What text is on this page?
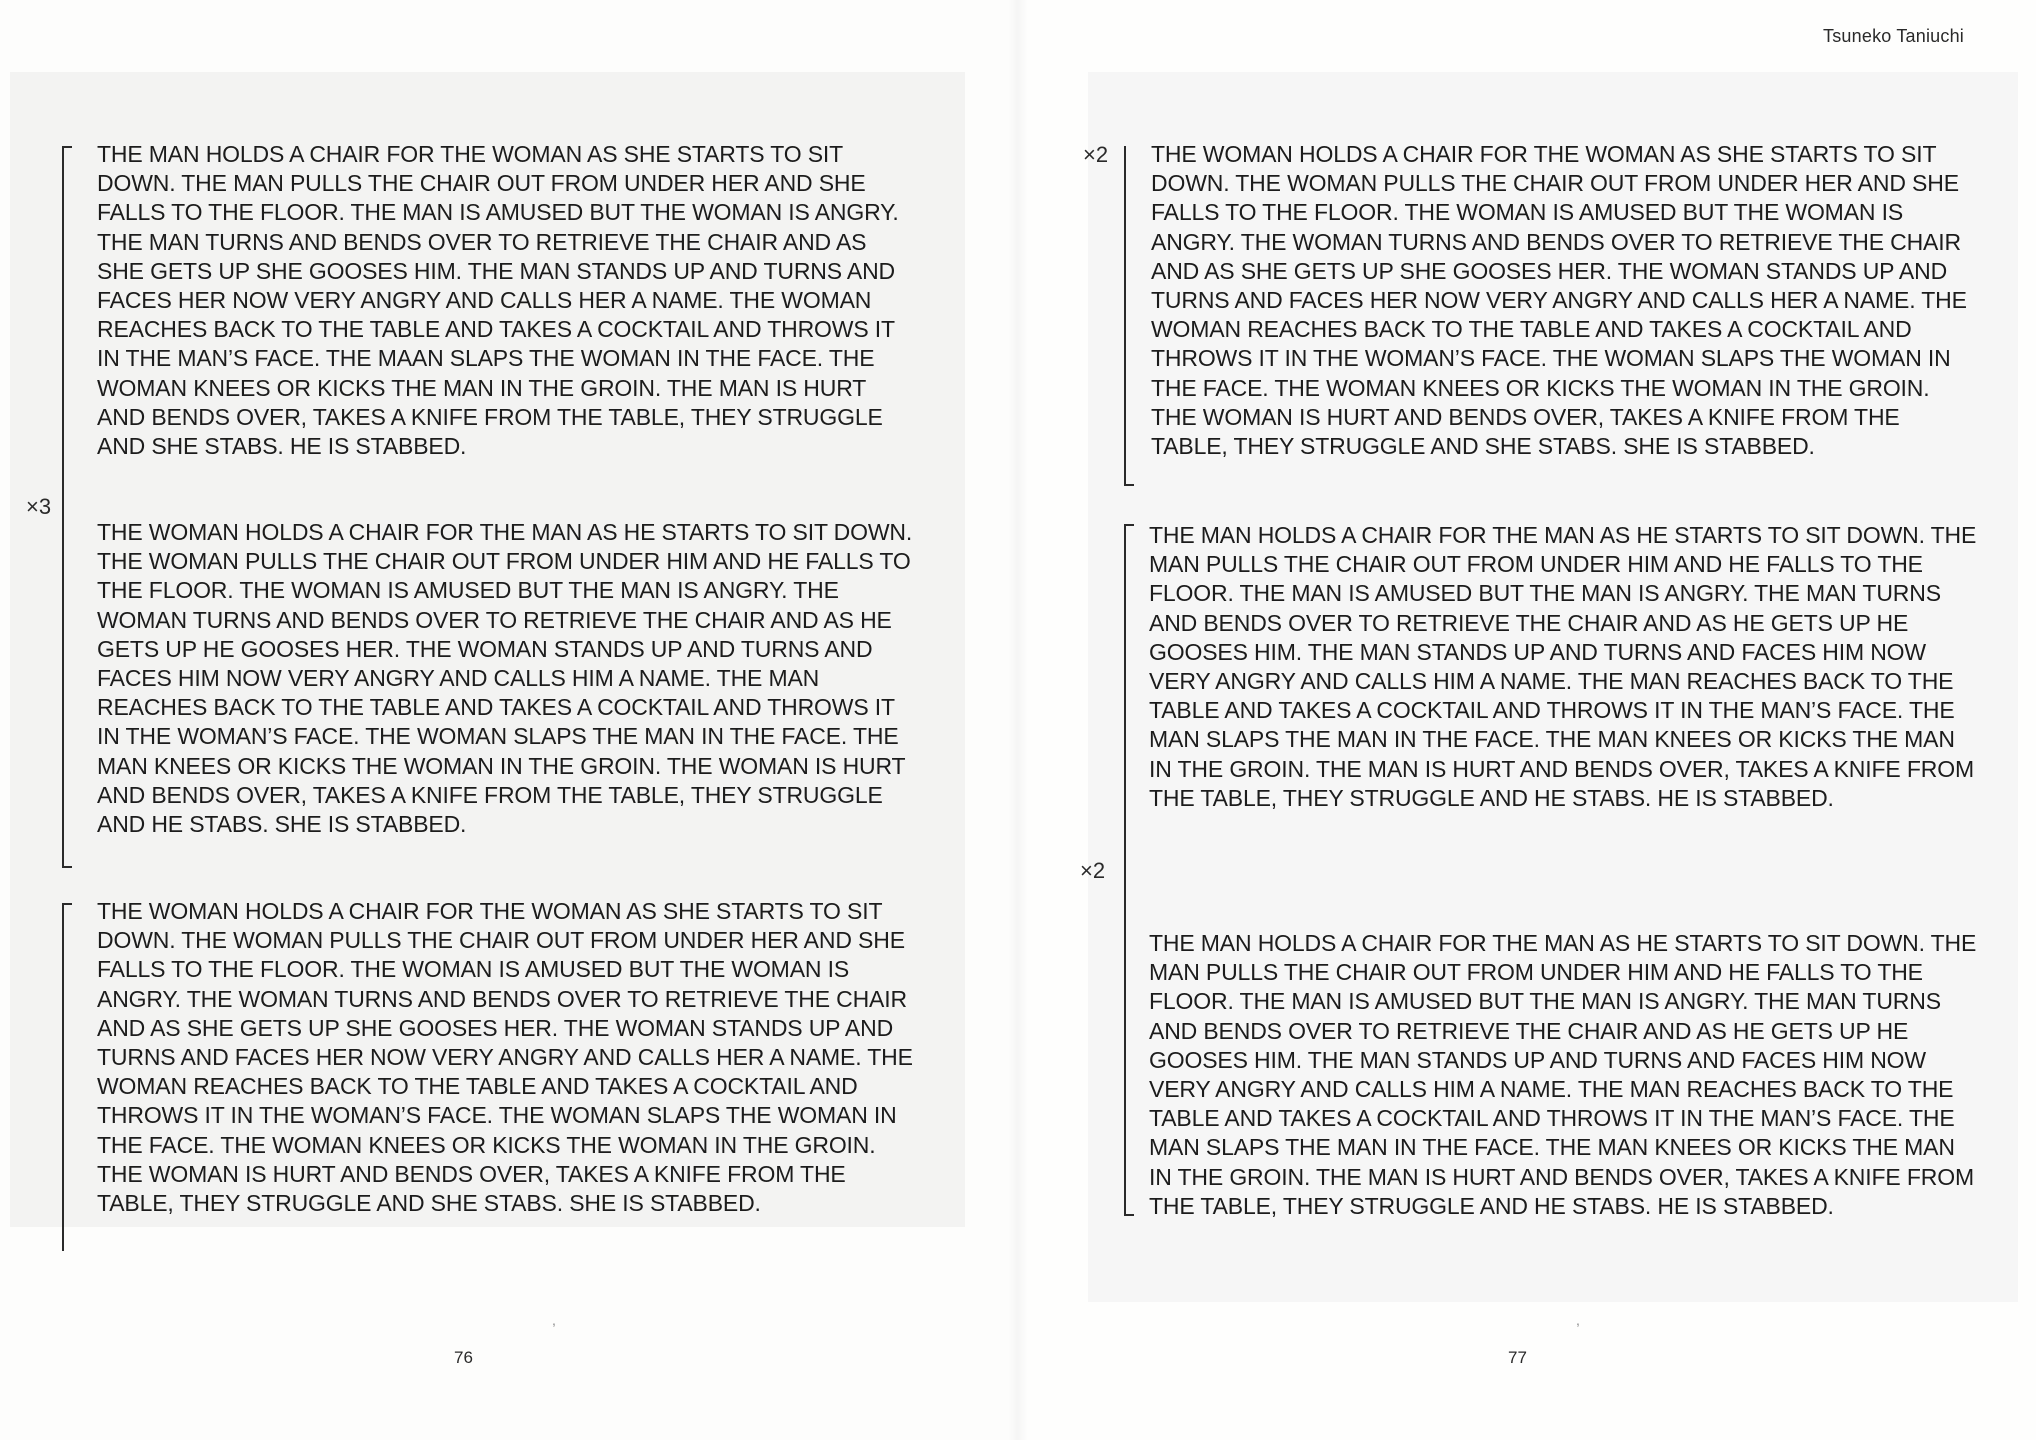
×3
THE MAN HOLDS A CHAIR FOR THE WOMAN AS SHE STARTS TO SIT DOWN. THE MAN PULLS THE CHAIR OUT FROM UNDER HER AND SHE FALLS TO THE FLOOR. THE MAN IS AMUSED BUT THE WOMAN IS ANGRY. THE MAN TURNS AND BENDS OVER TO RETRIEVE THE CHAIR AND AS SHE GETS UP SHE GOOSES HIM. THE MAN STANDS UP AND TURNS AND FACES HER NOW VERY ANGRY AND CALLS HER A NAME. THE WOMAN REACHES BACK TO THE TABLE AND TAKES A COCKTAIL AND THROWS IT IN THE MAN’S FACE. THE MAAN SLAPS THE WOMAN IN THE FACE. THE WOMAN KNEES OR KICKS THE MAN IN THE GROIN. THE MAN IS HURT AND BENDS OVER, TAKES A KNIFE FROM THE TABLE, THEY STRUGGLE AND SHE STABS. HE IS STABBED.
THE WOMAN HOLDS A CHAIR FOR THE MAN AS HE STARTS TO SIT DOWN. THE WOMAN PULLS THE CHAIR OUT FROM UNDER HIM AND HE FALLS TO THE FLOOR. THE WOMAN IS AMUSED BUT THE MAN IS ANGRY. THE WOMAN TURNS AND BENDS OVER TO RETRIEVE THE CHAIR AND AS HE GETS UP HE GOOSES HER. THE WOMAN STANDS UP AND TURNS AND FACES HIM NOW VERY ANGRY AND CALLS HIM A NAME. THE MAN REACHES BACK TO THE TABLE AND TAKES A COCKTAIL AND THROWS IT IN THE WOMAN’S FACE. THE WOMAN SLAPS THE MAN IN THE FACE. THE MAN KNEES OR KICKS THE WOMAN IN THE GROIN. THE WOMAN IS HURT AND BENDS OVER, TAKES A KNIFE FROM THE TABLE, THEY STRUGGLE AND HE STABS. SHE IS STABBED.
THE WOMAN HOLDS A CHAIR FOR THE WOMAN AS SHE STARTS TO SIT DOWN. THE WOMAN PULLS THE CHAIR OUT FROM UNDER HER AND SHE FALLS TO THE FLOOR. THE WOMAN IS AMUSED BUT THE WOMAN IS ANGRY. THE WOMAN TURNS AND BENDS OVER TO RETRIEVE THE CHAIR AND AS SHE GETS UP SHE GOOSES HER. THE WOMAN STANDS UP AND TURNS AND FACES HER NOW VERY ANGRY AND CALLS HER A NAME. THE WOMAN REACHES BACK TO THE TABLE AND TAKES A COCKTAIL AND THROWS IT IN THE WOMAN’S FACE. THE WOMAN SLAPS THE WOMAN IN THE FACE. THE WOMAN KNEES OR KICKS THE WOMAN IN THE GROIN. THE WOMAN IS HURT AND BENDS OVER, TAKES A KNIFE FROM THE TABLE, THEY STRUGGLE AND SHE STABS. SHE IS STABBED.
76
,
Tsuneko Taniuchi
×2 THE WOMAN HOLDS A CHAIR FOR THE WOMAN AS SHE STARTS TO SIT DOWN. THE WOMAN PULLS THE CHAIR OUT FROM UNDER HER AND SHE FALLS TO THE FLOOR. THE WOMAN IS AMUSED BUT THE WOMAN IS ANGRY. THE WOMAN TURNS AND BENDS OVER TO RETRIEVE THE CHAIR AND AS SHE GETS UP SHE GOOSES HER. THE WOMAN STANDS UP AND TURNS AND FACES HER NOW VERY ANGRY AND CALLS HER A NAME. THE WOMAN REACHES BACK TO THE TABLE AND TAKES A COCKTAIL AND THROWS IT IN THE WOMAN’S FACE. THE WOMAN SLAPS THE WOMAN IN THE FACE. THE WOMAN KNEES OR KICKS THE WOMAN IN THE GROIN. THE WOMAN IS HURT AND BENDS OVER, TAKES A KNIFE FROM THE TABLE, THEY STRUGGLE AND SHE STABS. SHE IS STABBED.
×2
THE MAN HOLDS A CHAIR FOR THE MAN AS HE STARTS TO SIT DOWN. THE MAN PULLS THE CHAIR OUT FROM UNDER HIM AND HE FALLS TO THE FLOOR. THE MAN IS AMUSED BUT THE MAN IS ANGRY. THE MAN TURNS AND BENDS OVER TO RETRIEVE THE CHAIR AND AS HE GETS UP HE GOOSES HIM. THE MAN STANDS UP AND TURNS AND FACES HIM NOW VERY ANGRY AND CALLS HIM A NAME. THE MAN REACHES BACK TO THE TABLE AND TAKES A COCKTAIL AND THROWS IT IN THE MAN’S FACE. THE MAN SLAPS THE MAN IN THE FACE. THE MAN KNEES OR KICKS THE MAN IN THE GROIN. THE MAN IS HURT AND BENDS OVER, TAKES A KNIFE FROM THE TABLE, THEY STRUGGLE AND HE STABS. HE IS STABBED.
THE MAN HOLDS A CHAIR FOR THE MAN AS HE STARTS TO SIT DOWN. THE MAN PULLS THE CHAIR OUT FROM UNDER HIM AND HE FALLS TO THE FLOOR. THE MAN IS AMUSED BUT THE MAN IS ANGRY. THE MAN TURNS AND BENDS OVER TO RETRIEVE THE CHAIR AND AS HE GETS UP HE GOOSES HIM. THE MAN STANDS UP AND TURNS AND FACES HIM NOW VERY ANGRY AND CALLS HIM A NAME. THE MAN REACHES BACK TO THE TABLE AND TAKES A COCKTAIL AND THROWS IT IN THE MAN’S FACE. THE MAN SLAPS THE MAN IN THE FACE. THE MAN KNEES OR KICKS THE MAN IN THE GROIN. THE MAN IS HURT AND BENDS OVER, TAKES A KNIFE FROM THE TABLE, THEY STRUGGLE AND HE STABS. HE IS STABBED.
77
,
